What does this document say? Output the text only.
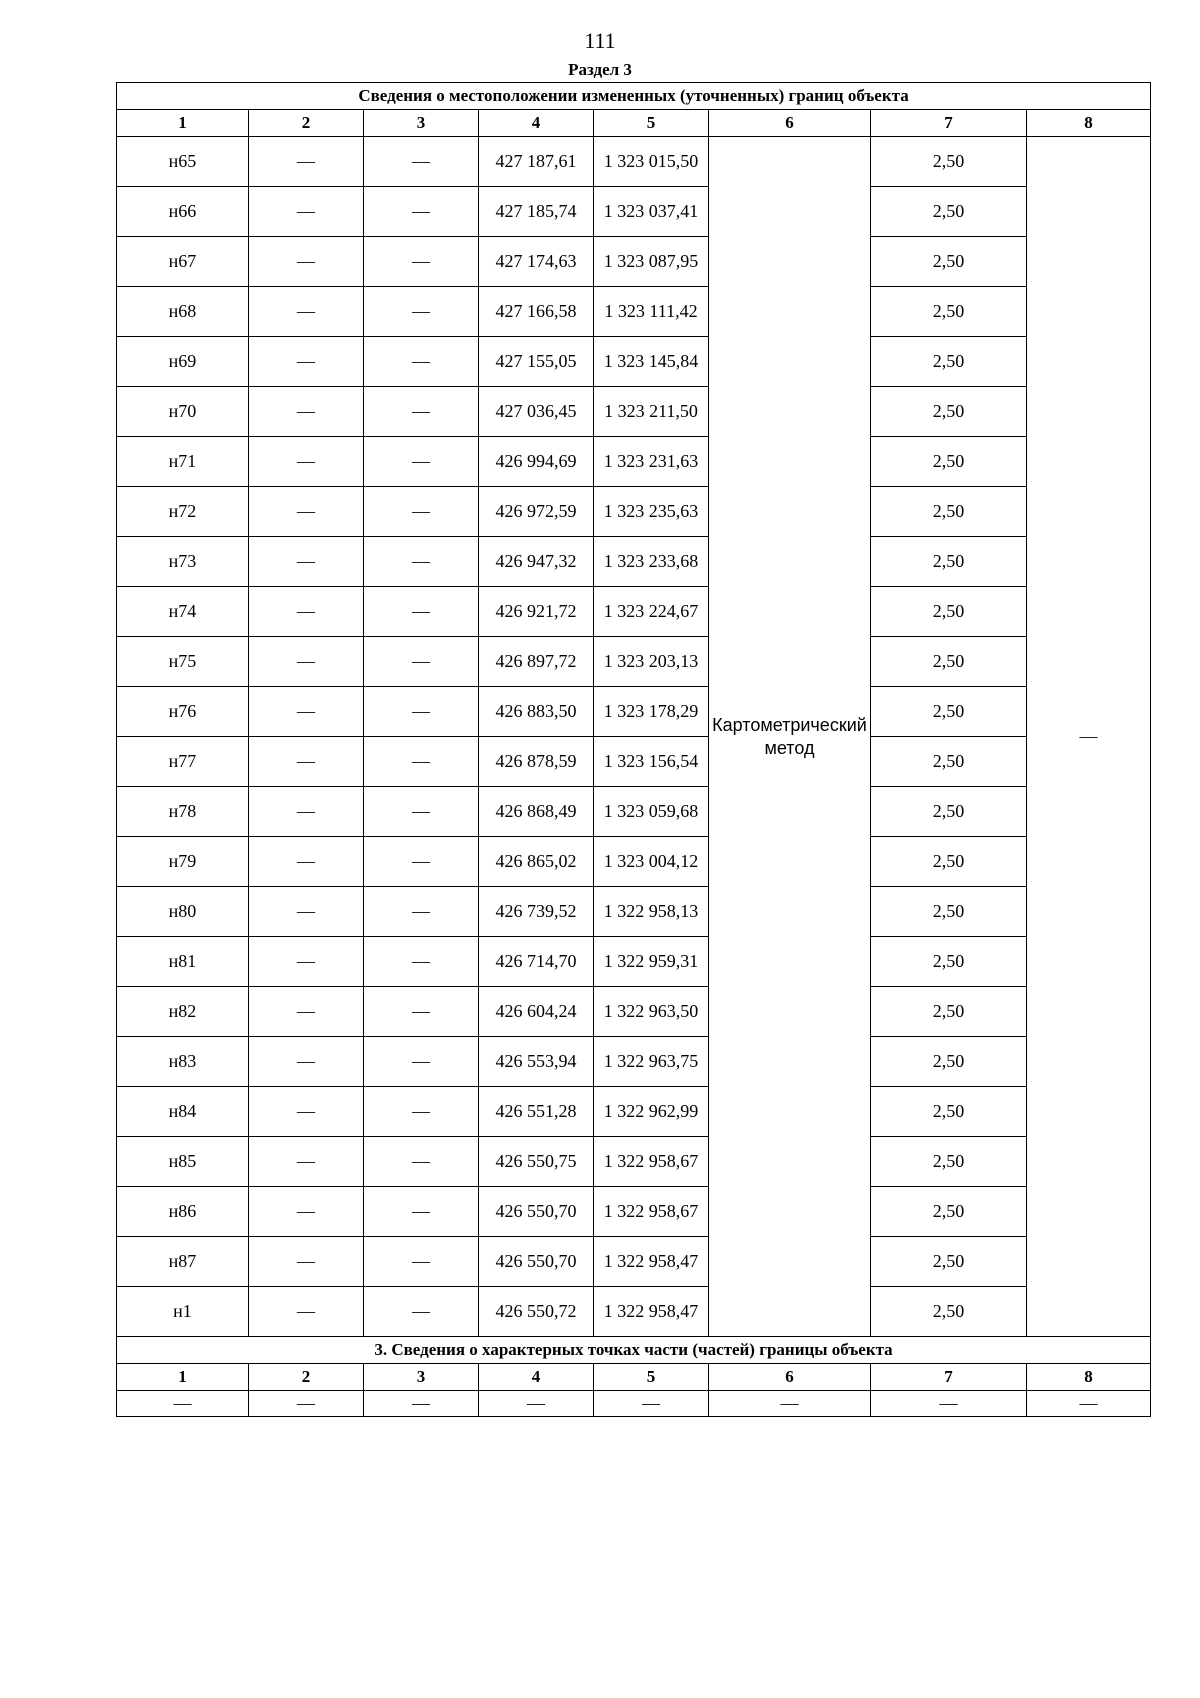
111
Раздел 3
Сведения о местоположении измененных (уточненных) границ объекта							
1	2	3	4	5	6	7	8
н65	—	—	427 187,61	1 323 015,50	Картометрический метод	2,50	—
н66	—	—	427 185,74	1 323 037,41		2,50	
н67	—	—	427 174,63	1 323 087,95		2,50	
н68	—	—	427 166,58	1 323 111,42		2,50	
н69	—	—	427 155,05	1 323 145,84		2,50	
н70	—	—	427 036,45	1 323 211,50		2,50	
н71	—	—	426 994,69	1 323 231,63		2,50	
н72	—	—	426 972,59	1 323 235,63		2,50	
н73	—	—	426 947,32	1 323 233,68		2,50	
н74	—	—	426 921,72	1 323 224,67		2,50	
н75	—	—	426 897,72	1 323 203,13		2,50	
н76	—	—	426 883,50	1 323 178,29		2,50	
н77	—	—	426 878,59	1 323 156,54		2,50	
н78	—	—	426 868,49	1 323 059,68		2,50	
н79	—	—	426 865,02	1 323 004,12		2,50	
н80	—	—	426 739,52	1 322 958,13		2,50	
н81	—	—	426 714,70	1 322 959,31		2,50	
н82	—	—	426 604,24	1 322 963,50		2,50	
н83	—	—	426 553,94	1 322 963,75		2,50	
н84	—	—	426 551,28	1 322 962,99		2,50	
н85	—	—	426 550,75	1 322 958,67		2,50	
н86	—	—	426 550,70	1 322 958,67		2,50	
н87	—	—	426 550,70	1 322 958,47		2,50	
н1	—	—	426 550,72	1 322 958,47		2,50	
3. Сведения о характерных точках части (частей) границы объекта							
1	2	3	4	5	6	7	8
—	—	—	—	—	—	—	—
